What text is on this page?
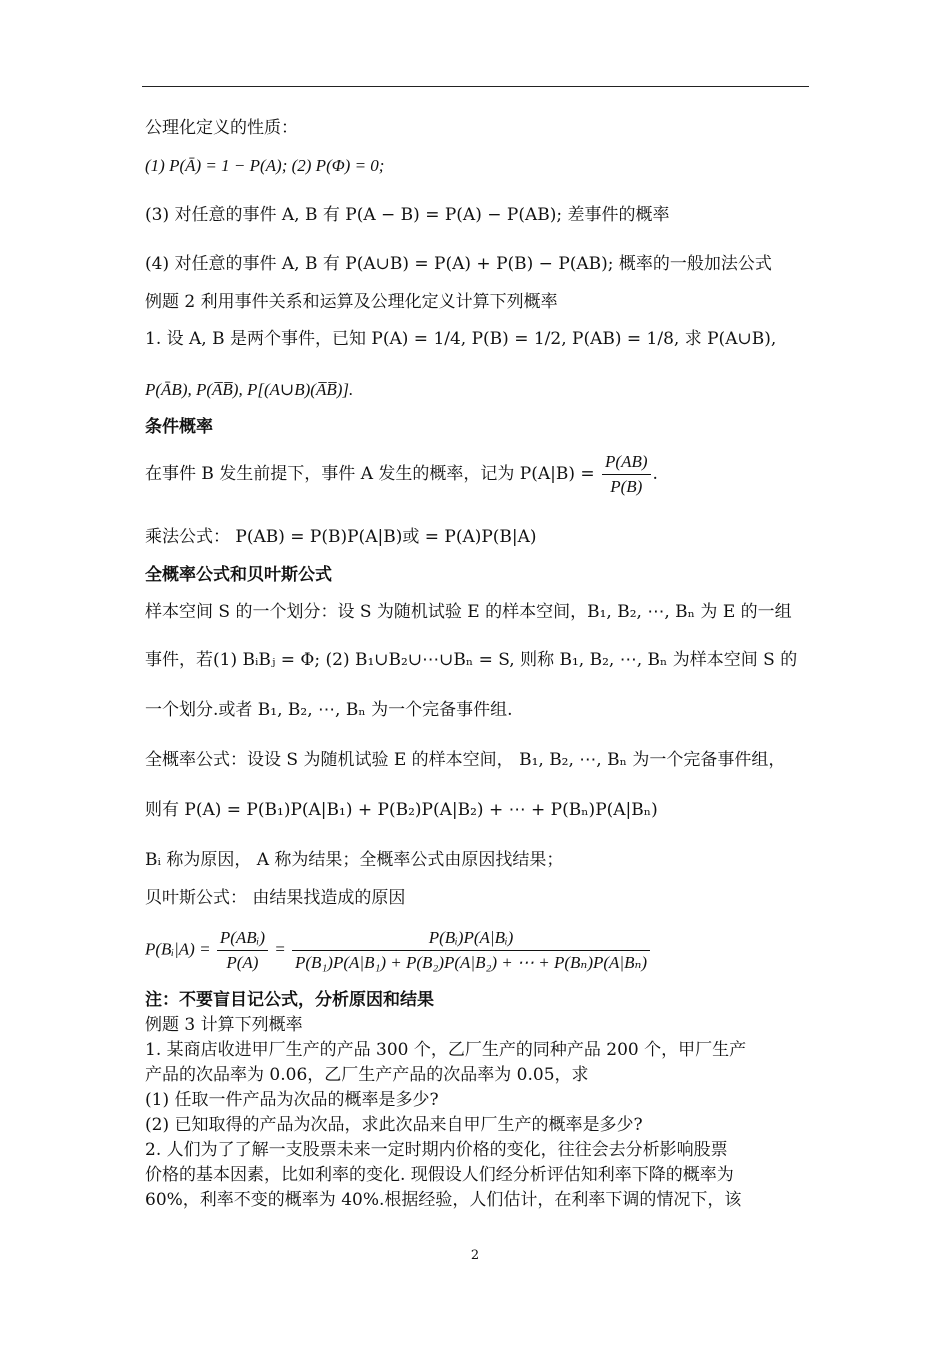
公理化定义的性质：
(1) P(Ā) = 1 − P(A); (2) P(Φ) = 0;
(3) 对任意的事件 A, B 有 P(A − B) = P(A) − P(AB); 差事件的概率
(4) 对任意的事件 A, B 有 P(A∪B) = P(A) + P(B) − P(AB); 概率的一般加法公式
例题 2 利用事件关系和运算及公理化定义计算下列概率
1. 设 A, B 是两个事件，已知 P(A) = 1/4, P(B) = 1/2, P(AB) = 1/8, 求 P(A∪B),
P(ĀB), P(A̅B̅), P[(A∪B)(A̅B̅)].
条件概率
在事件 B 发生前提下，事件 A 发生的概率，记为 $P(A|B) = \frac{P(AB)}{P(B)}$ .
乘法公式： P(AB) = P(B)P(A|B)或 = P(A)P(B|A)
全概率公式和贝叶斯公式
样本空间 S 的一个划分：设 S 为随机试验 E 的样本空间，B₁, B₂, ⋯, Bₙ 为 E 的一组
事件，若(1) BᵢBⱼ = Φ; (2) B₁∪B₂∪⋯∪Bₙ = S, 则称 B₁, B₂, ⋯, Bₙ 为样本空间 S 的
一个划分.或者 B₁, B₂, ⋯, Bₙ 为一个完备事件组.
全概率公式：设设 S 为随机试验 E 的样本空间， B₁, B₂, ⋯, Bₙ 为一个完备事件组，
则有 P(A) = P(B₁)P(A|B₁) + P(B₂)P(A|B₂) + ⋯ + P(Bₙ)P(A|Bₙ)
Bᵢ 称为原因， A 称为结果；全概率公式由原因找结果；
贝叶斯公式： 由结果找造成的原因
P(Bᵢ|A) = $\frac{\text{P(ABᵢ)}}{P(A)} = \frac{\text{P(Bᵢ)P(A|Bᵢ)}}{\text{P(B₁)P(A|B₁) + P(B₂)P(A|B₂) + ⋯ + P(Bₙ)P(A|Bₙ)}}$
注：不要盲目记公式，分析原因和结果
例题 3 计算下列概率
1. 某商店收进甲厂生产的产品 300 个，乙厂生产的同种产品 200 个，甲厂生产
产品的次品率为 0.06，乙厂生产产品的次品率为 0.05，求
(1) 任取一件产品为次品的概率是多少?
(2) 已知取得的产品为次品，求此次品来自甲厂生产的概率是多少?
2. 人们为了了解一支股票未来一定时期内价格的变化，往往会去分析影响股票
价格的基本因素，比如利率的变化. 现假设人们经分析评估知利率下降的概率为
60%，利率不变的概率为 40%.根据经验，人们估计，在利率下调的情况下，该
2
